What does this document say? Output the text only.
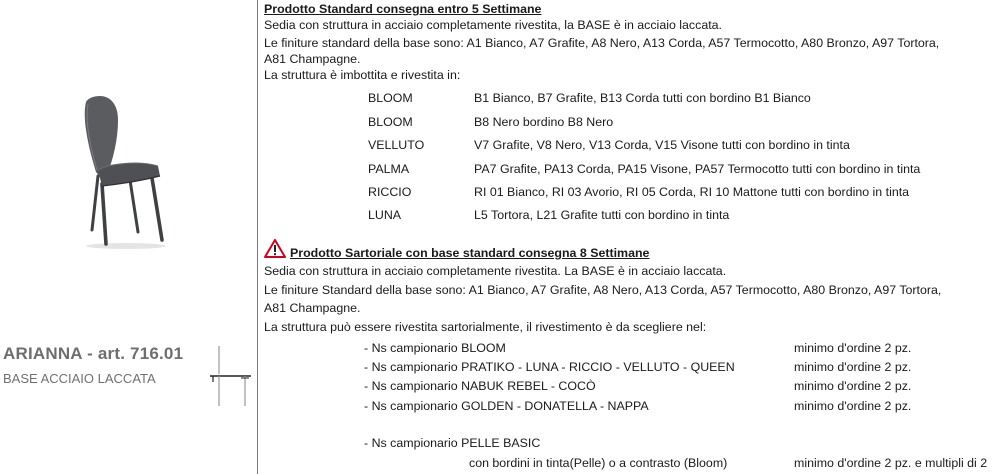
ARIANNA - art. 716.01
BASE ACCIAIO LACCATA
Prodotto Standard consegna entro 5 Settimane
Sedia con struttura in acciaio completamente rivestita, la BASE è in acciaio laccata.
Le finiture standard della base sono: A1 Bianco, A7 Grafite, A8 Nero, A13 Corda, A57 Termocotto, A80 Bronzo, A97 Tortora,
A81 Champagne.
La struttura è imbottita e rivestita in:
BLOOM	B1 Bianco, B7 Grafite, B13 Corda tutti con bordino B1 Bianco
BLOOM	B8 Nero bordino B8 Nero
VELLUTO	V7 Grafite, V8 Nero, V13 Corda, V15 Visone tutti con bordino in tinta
PALMA	PA7 Grafite, PA13 Corda, PA15 Visone, PA57 Termocotto tutti con bordino in tinta
RICCIO	RI 01 Bianco, RI 03 Avorio, RI 05 Corda, RI 10 Mattone tutti con bordino in tinta
LUNA	L5 Tortora, L21 Grafite tutti con bordino in tinta
Prodotto Sartoriale con base standard consegna 8 Settimane
Sedia con struttura in acciaio completamente rivestita. La BASE è in acciaio laccata.
Le finiture Standard della base sono: A1 Bianco, A7 Grafite, A8 Nero, A13 Corda, A57 Termocotto, A80 Bronzo, A97 Tortora,
A81 Champagne.
La struttura può essere rivestita sartorialmente, il rivestimento è da scegliere nel:
- Ns campionario BLOOM	minimo d'ordine 2 pz.
- Ns campionario PRATIKO - LUNA - RICCIO - VELLUTO - QUEEN	minimo d'ordine 2 pz.
- Ns campionario NABUK REBEL - COCÒ	minimo d'ordine 2 pz.
- Ns campionario GOLDEN - DONATELLA - NAPPA	minimo d'ordine 2 pz.
- Ns campionario PELLE BASIC
con bordini in tinta(Pelle) o a contrasto (Bloom)	minimo d'ordine 2 pz. e multipli di 2
